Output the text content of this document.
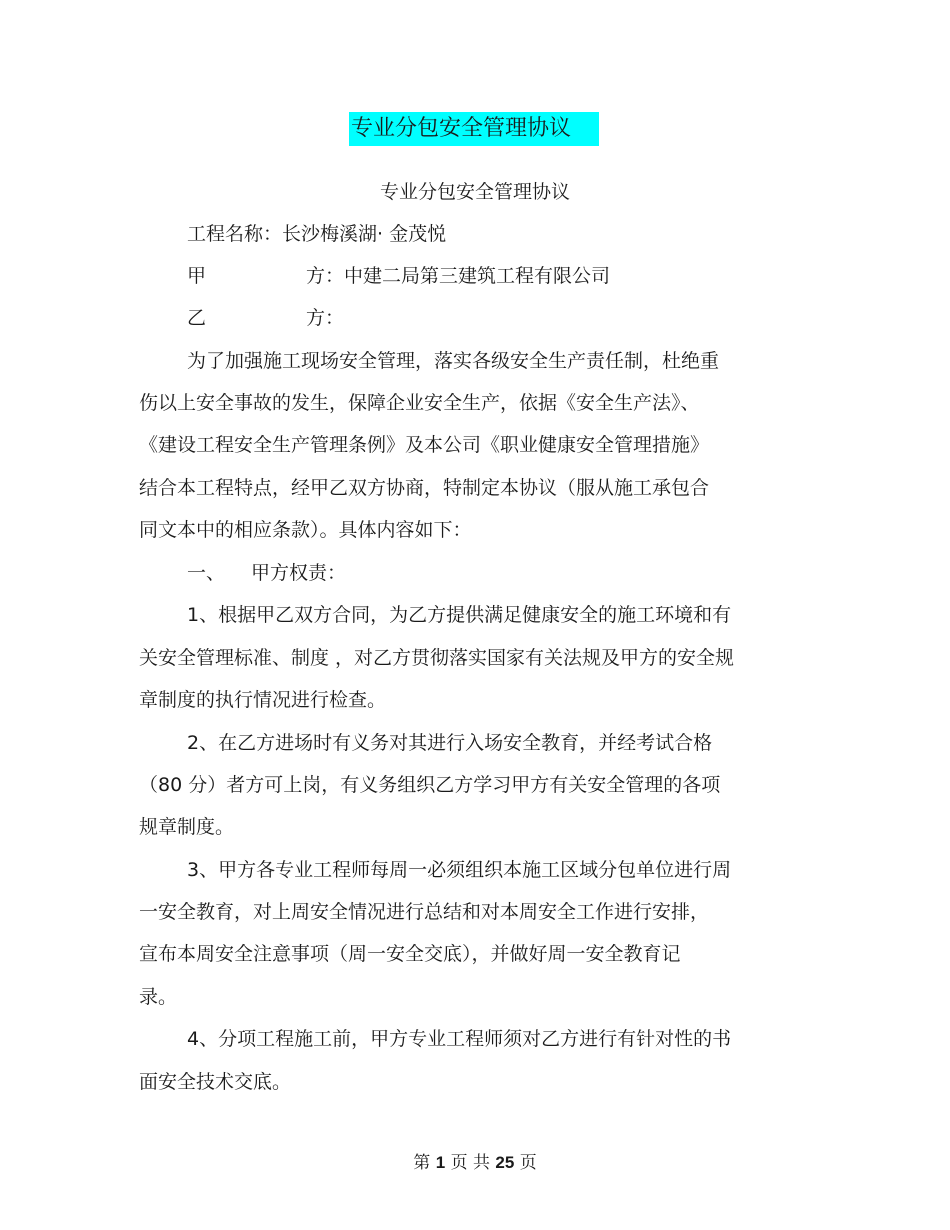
专业分包安全管理协议
专业分包安全管理协议
工程名称：长沙梅溪湖· 金茂悦
甲	方：中建二局第三建筑工程有限公司
乙	方：
为了加强施工现场安全管理，落实各级安全生产责任制，杜绝重
伤以上安全事故的发生，保障企业安全生产，依据《安全生产法》、
《建设工程安全生产管理条例》及本公司《职业健康安全管理措施》
结合本工程特点，经甲乙双方协商，特制定本协议（服从施工承包合
同文本中的相应条款）。具体内容如下：
一、 甲方权责：
1、根据甲乙双方合同，为乙方提供满足健康安全的施工环境和有
关安全管理标准、制度 ，对乙方贯彻落实国家有关法规及甲方的安全规
章制度的执行情况进行检查。
2、在乙方进场时有义务对其进行入场安全教育，并经考试合格
（80 分）者方可上岗，有义务组织乙方学习甲方有关安全管理的各项
规章制度。
3、甲方各专业工程师每周一必须组织本施工区域分包单位进行周
一安全教育，对上周安全情况进行总结和对本周安全工作进行安排，
宣布本周安全注意事项（周一安全交底），并做好周一安全教育记
录。
4、分项工程施工前，甲方专业工程师须对乙方进行有针对性的书
面安全技术交底。
第 1 页 共 25 页
